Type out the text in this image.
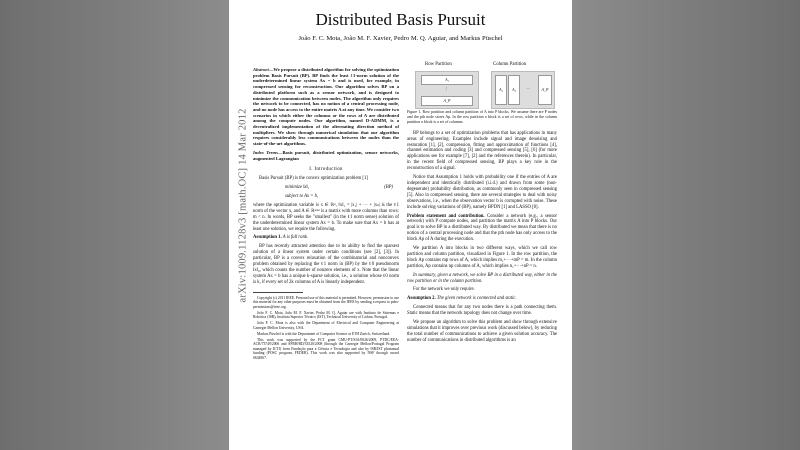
arXiv:1009.1128v3 [math.OC] 14 Mar 2012
Distributed Basis Pursuit
João F. C. Mota, João M. F. Xavier, Pedro M. Q. Aguiar, and Markus Püschel
Abstract—We propose a distributed algorithm for solving the optimization problem Basis Pursuit (BP). BP finds the least ℓ1-norm solution of the underdetermined linear system Ax = b and is used, for example, in compressed sensing for reconstruction. Our algorithm solves BP on a distributed platform such as a sensor network, and is designed to minimize the communication between nodes. The algorithm only requires the network to be connected, has no notion of a central processing node, and no node has access to the entire matrix A at any time. We consider two scenarios in which either the columns or the rows of A are distributed among the compute nodes. Our algorithm, named D-ADMM, is a decentralized implementation of the alternating direction method of multipliers. We show through numerical simulation that our algorithm requires considerably less communications between the nodes than the state-of-the-art algorithms.
Index Terms—Basis pursuit, distributed optimization, sensor networks, augmented Lagrangian
I. Introduction

Basis Pursuit (BP) is the convex optimization problem [1]

minimize ‖x‖₁	(BP)
subject to Ax = b,

where the optimization variable is x ∈ ℝⁿ, ‖x‖₁ = |x₁| + ··· + |xₙ| is the ℓ1 norm of the vector x, and A ∈ ℝᵐˣⁿ is a matrix with more columns than rows: m < n. In words, BP seeks the "smallest" (in the ℓ1 norm sense) solution of the underdetermined linear system Ax = b. To make sure that Ax = b has at least one solution, we require the following.

Assumption 1. A is full rank.

BP has recently attracted attention due to its ability to find the sparsest solution of a linear system under certain conditions (see [2], [3]). In particular, BP is a convex relaxation of the combinatorial and nonconvex problem obtained by replacing the ℓ1 norm in (BP) by the ℓ0 pseudonorm ‖x‖₀, which counts the number of nonzero elements of x. Note that the linear system Ax = b has a unique k-sparse solution, i.e., a solution whose ℓ0 norm is k, if every set of 2k columns of A is linearly independent.

Copyright (c) 2011 IEEE. Personal use of this material is permitted. However, permission to use this material for any other purposes must be obtained from the IEEE by sending a request to pubs-permissions@ieee.org.

João F. C. Mota, João M. F. Xavier, Pedro M. Q. Aguiar are with Instituto de Sistemas e Robótica (ISR), Instituto Superior Técnico (IST), Technical University of Lisbon, Portugal.

João F. C. Mota is also with the Department of Electrical and Computer Engineering at Carnegie Mellon University, USA.

Markus Püschel is with the Department of Computer Science at ETH Zurich, Switzerland.

This work was supported by the FCT grant CMU-PT/SIA/0026/2009, PTDC/EEA-ACR/73749/2006 and SFRH/BD/33520/2008 (through the Carnegie Mellon/Portugal Program managed by ICTI) from Fundação para a Ciência e Tecnologia and also by ISR/IST plurianual funding (POSC program, FEDER). This work was also supported by NSF through award 0634967.

Row Partition	Column Partition
A₁
⋮
A_P
A₁	A₂	···	A_P
Figure 1. Row partition and column partition of A into P blocks. We assume there are P nodes and the pth node stores Ap. In the row partition a block is a set of rows, while in the column partition a block is a set of columns.

BP belongs to a set of optimization problems that has applications in many areas of engineering. Examples include signal and image denoising and restoration [1], [2], compression, fitting and approximation of functions [4], channel estimation and coding [3] and compressed sensing [5], [6] (for more applications see for example [7], [2] and the references therein). In particular, in the recent field of compressed sensing, BP plays a key role in the reconstruction of a signal.

Notice that Assumption 1 holds with probability one if the entries of A are independent and identically distributed (i.i.d.) and drawn from some (non-degenerate) probability distribution, as commonly seen in compressed sensing [5]. Also in compressed sensing, there are several strategies to deal with noisy observations, i.e., when the observation vector b is corrupted with noise. These include solving variations of (BP), namely BPDN [1] and LASSO [8].

Problem statement and contribution. Consider a network (e.g., a sensor network) with P compute nodes, and partition the matrix A into P blocks. Our goal is to solve BP in a distributed way. By distributed we mean that there is no notion of a central processing node and that the pth node has only access to the block Ap of A during the execution.

We partition A into blocks in two different ways, which we call row partition and column partition, visualized in Figure 1. In the row partition, the block Ap contains mp rows of A, which implies m₁+···+mP = m. In the column partition, Ap contains np columns of A, which implies n₁+···+nP = n.

In summary, given a network, we solve BP in a distributed way, either in the row partition or in the column partition.

For the network we only require.

Assumption 2. The given network is connected and static.

Connected means that for any two nodes there is a path connecting them. Static means that the network topology does not change over time.

We propose an algorithm to solve this problem and show through extensive simulations that it improves over previous work (discussed below), by reducing the total number of communications to achieve a given solution accuracy. The number of communications in distributed algorithms is an
